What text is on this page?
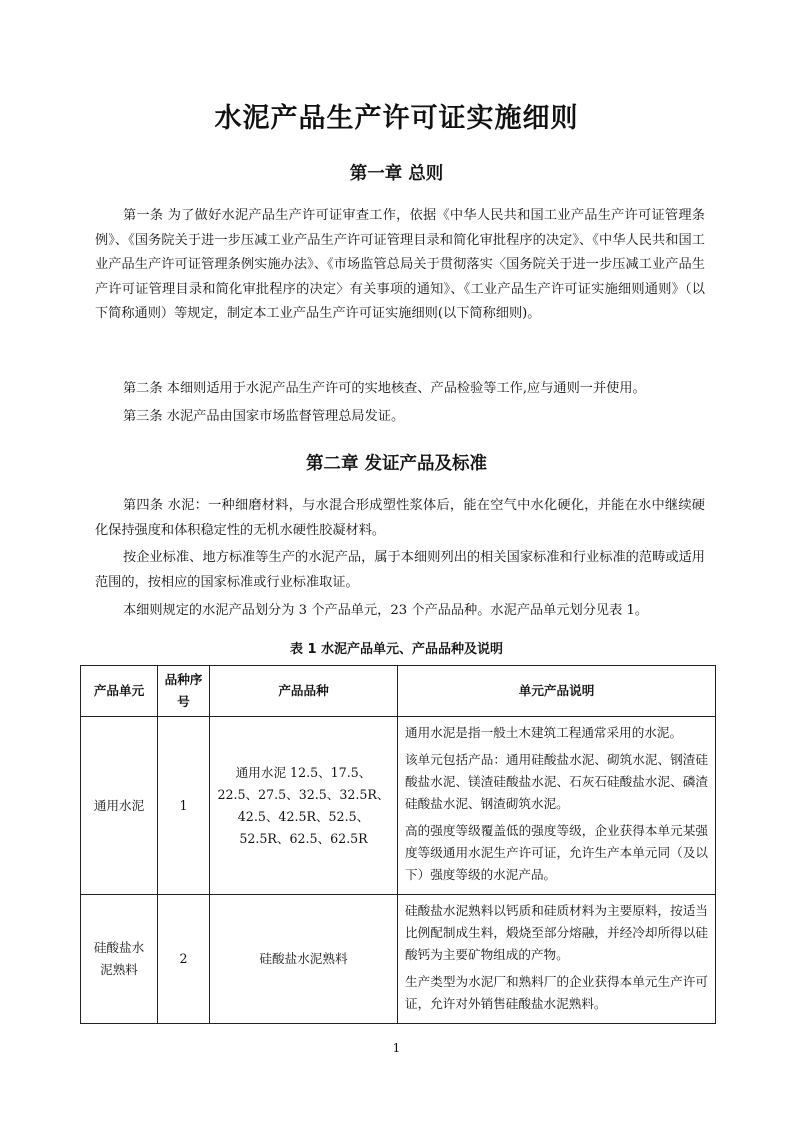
水泥产品生产许可证实施细则
第一章 总则
第一条 为了做好水泥产品生产许可证审查工作，依据《中华人民共和国工业产品生产许可证管理条例》、《国务院关于进一步压减工业产品生产许可证管理目录和简化审批程序的决定》、《中华人民共和国工业产品生产许可证管理条例实施办法》、《市场监管总局关于贯彻落实〈国务院关于进一步压减工业产品生产许可证管理目录和简化审批程序的决定〉有关事项的通知》、《工业产品生产许可证实施细则通则》（以下简称通则）等规定，制定本工业产品生产许可证实施细则(以下简称细则)。
第二条 本细则适用于水泥产品生产许可的实地核查、产品检验等工作,应与通则一并使用。
第三条 水泥产品由国家市场监督管理总局发证。
第二章 发证产品及标准
第四条 水泥：一种细磨材料，与水混合形成塑性浆体后，能在空气中水化硬化，并能在水中继续硬化保持强度和体积稳定性的无机水硬性胶凝材料。
按企业标准、地方标准等生产的水泥产品，属于本细则列出的相关国家标准和行业标准的范畴或适用范围的，按相应的国家标准或行业标准取证。
本细则规定的水泥产品划分为 3 个产品单元，23 个产品品种。水泥产品单元划分见表 1。
表 1 水泥产品单元、产品品种及说明
产品单元	品种序号	产品品种	单元产品说明
通用水泥	1	通用水泥 12.5、17.5、22.5、27.5、32.5、32.5R、42.5、42.5R、52.5、52.5R、62.5、62.5R	通用水泥是指一般土木建筑工程通常采用的水泥。

该单元包括产品：通用硅酸盐水泥、砌筑水泥、钢渣硅酸盐水泥、镁渣硅酸盐水泥、石灰石硅酸盐水泥、磷渣硅酸盐水泥、钢渣砌筑水泥。

高的强度等级覆盖低的强度等级，企业获得本单元某强度等级通用水泥生产许可证，允许生产本单元同（及以下）强度等级的水泥产品。

硅酸盐水泥熟料	2	硅酸盐水泥熟料	硅酸盐水泥熟料以钙质和硅质材料为主要原料，按适当比例配制成生料，煅烧至部分熔融，并经冷却所得以硅酸钙为主要矿物组成的产物。

生产类型为水泥厂和熟料厂的企业获得本单元生产许可证，允许对外销售硅酸盐水泥熟料。

1
